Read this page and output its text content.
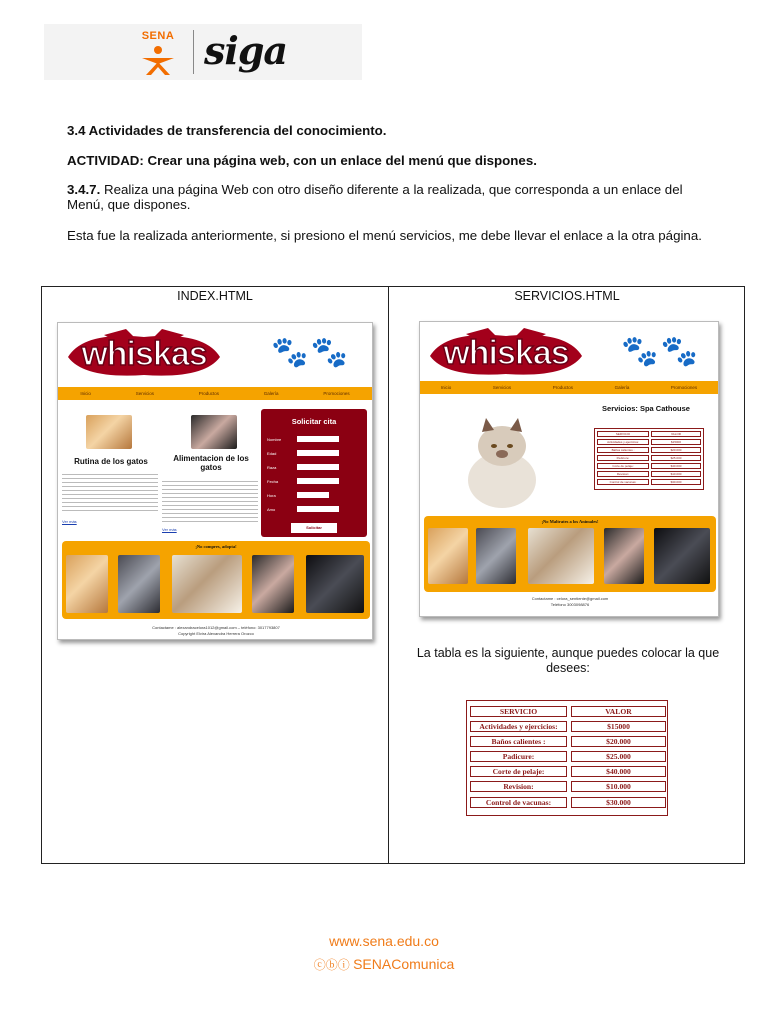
SENA siga
3.4 Actividades de transferencia del conocimiento.
ACTIVIDAD: Crear una página web, con un enlace del menú que dispones.
3.4.7. Realiza una página Web con otro diseño diferente a la realizada, que corresponda a un enlace del Menú, que dispones.
Esta fue la realizada anteriormente, si presiono el menú servicios, me debe llevar el enlace a la otra página.
INDEX.HTML	SERVICIOS.HTML
whiskas	🐾🐾
Inicio	Servicios	Productos	Galería	Promociones
Rutina de los gatos
Ver más
Alimentacion de los gatos
Ver más
Solicitar cita
Nombre
Edad
Raza
Fecha
Hora
Amo
Solicitar
¡No compres, adopta!
Contactame : alexandracelora1012@gmail.com – teléfono: 3017793807
Copyright Elvira Alexandra Herrera Orozco
whiskas	🐾🐾
Inicio	Servicios	Productos	Galería	Promociones
Servicios: Spa Cathouse
SERVICIO	VALOR
Actividades y ejercicios:	$15000
Baños calientes :	$20.000
Pedicure:	$25.000
Corte de pelaje:	$40.000
Revision:	$10.000
Control de vacunas:	$30.000
¡No Maltrates a los Animales!
Contactame : celora_sentiente@gmail.com
Teléfono 3003098876
La tabla es la siguiente, aunque puedes colocar la que desees:
SERVICIO	VALOR
Actividades y ejercicios:	$15000
Baños calientes :	$20.000
Padicure:	$25.000
Corte de pelaje:	$40.000
Revision:	$10.000
Control de vacunas:	$30.000
www.sena.edu.co
ⓒⓑⓘ SENAComunica
